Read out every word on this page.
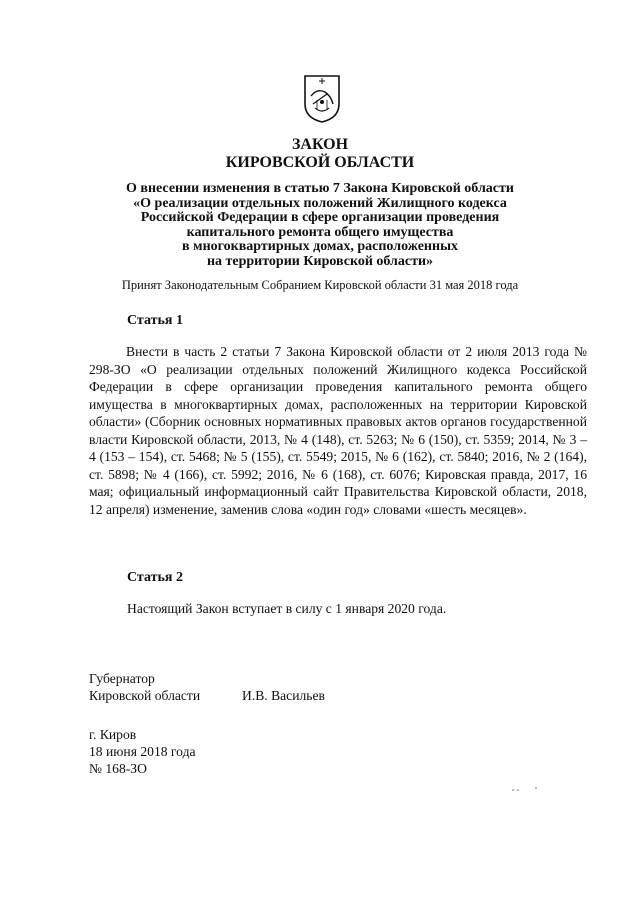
ЗАКОН
КИРОВСКОЙ ОБЛАСТИ
О внесении изменения в статью 7 Закона Кировской области
«О реализации отдельных положений Жилищного кодекса
Российской Федерации в сфере организации проведения
капитального ремонта общего имущества
в многоквартирных домах, расположенных
на территории Кировской области»
Принят Законодательным Собранием Кировской области 31 мая 2018 года
Статья 1

Внести в часть 2 статьи 7 Закона Кировской области от 2 июля 2013 года № 298-ЗО «О реализации отдельных положений Жилищного кодекса Российской Федерации в сфере организации проведения капитального ремонта общего имущества в многоквартирных домах, расположенных на территории Кировской области» (Сборник основных нормативных правовых актов органов государственной власти Кировской области, 2013, № 4 (148), ст. 5263; № 6 (150), ст. 5359; 2014, № 3 – 4 (153 – 154), ст. 5468; № 5 (155), ст. 5549; 2015, № 6 (162), ст. 5840; 2016, № 2 (164), ст. 5898; № 4 (166), ст. 5992; 2016, № 6 (168), ст. 6076; Кировская правда, 2017, 16 мая; официальный информационный сайт Правительства Кировской области, 2018, 12 апреля) изменение, заменив слова «один год» словами «шесть месяцев».

Статья 2
Настоящий Закон вступает в силу с 1 января 2020 года.
Губернатор
Кировской области	И.В. Васильев
г. Киров
18 июня 2018 года
№ 168-ЗО
